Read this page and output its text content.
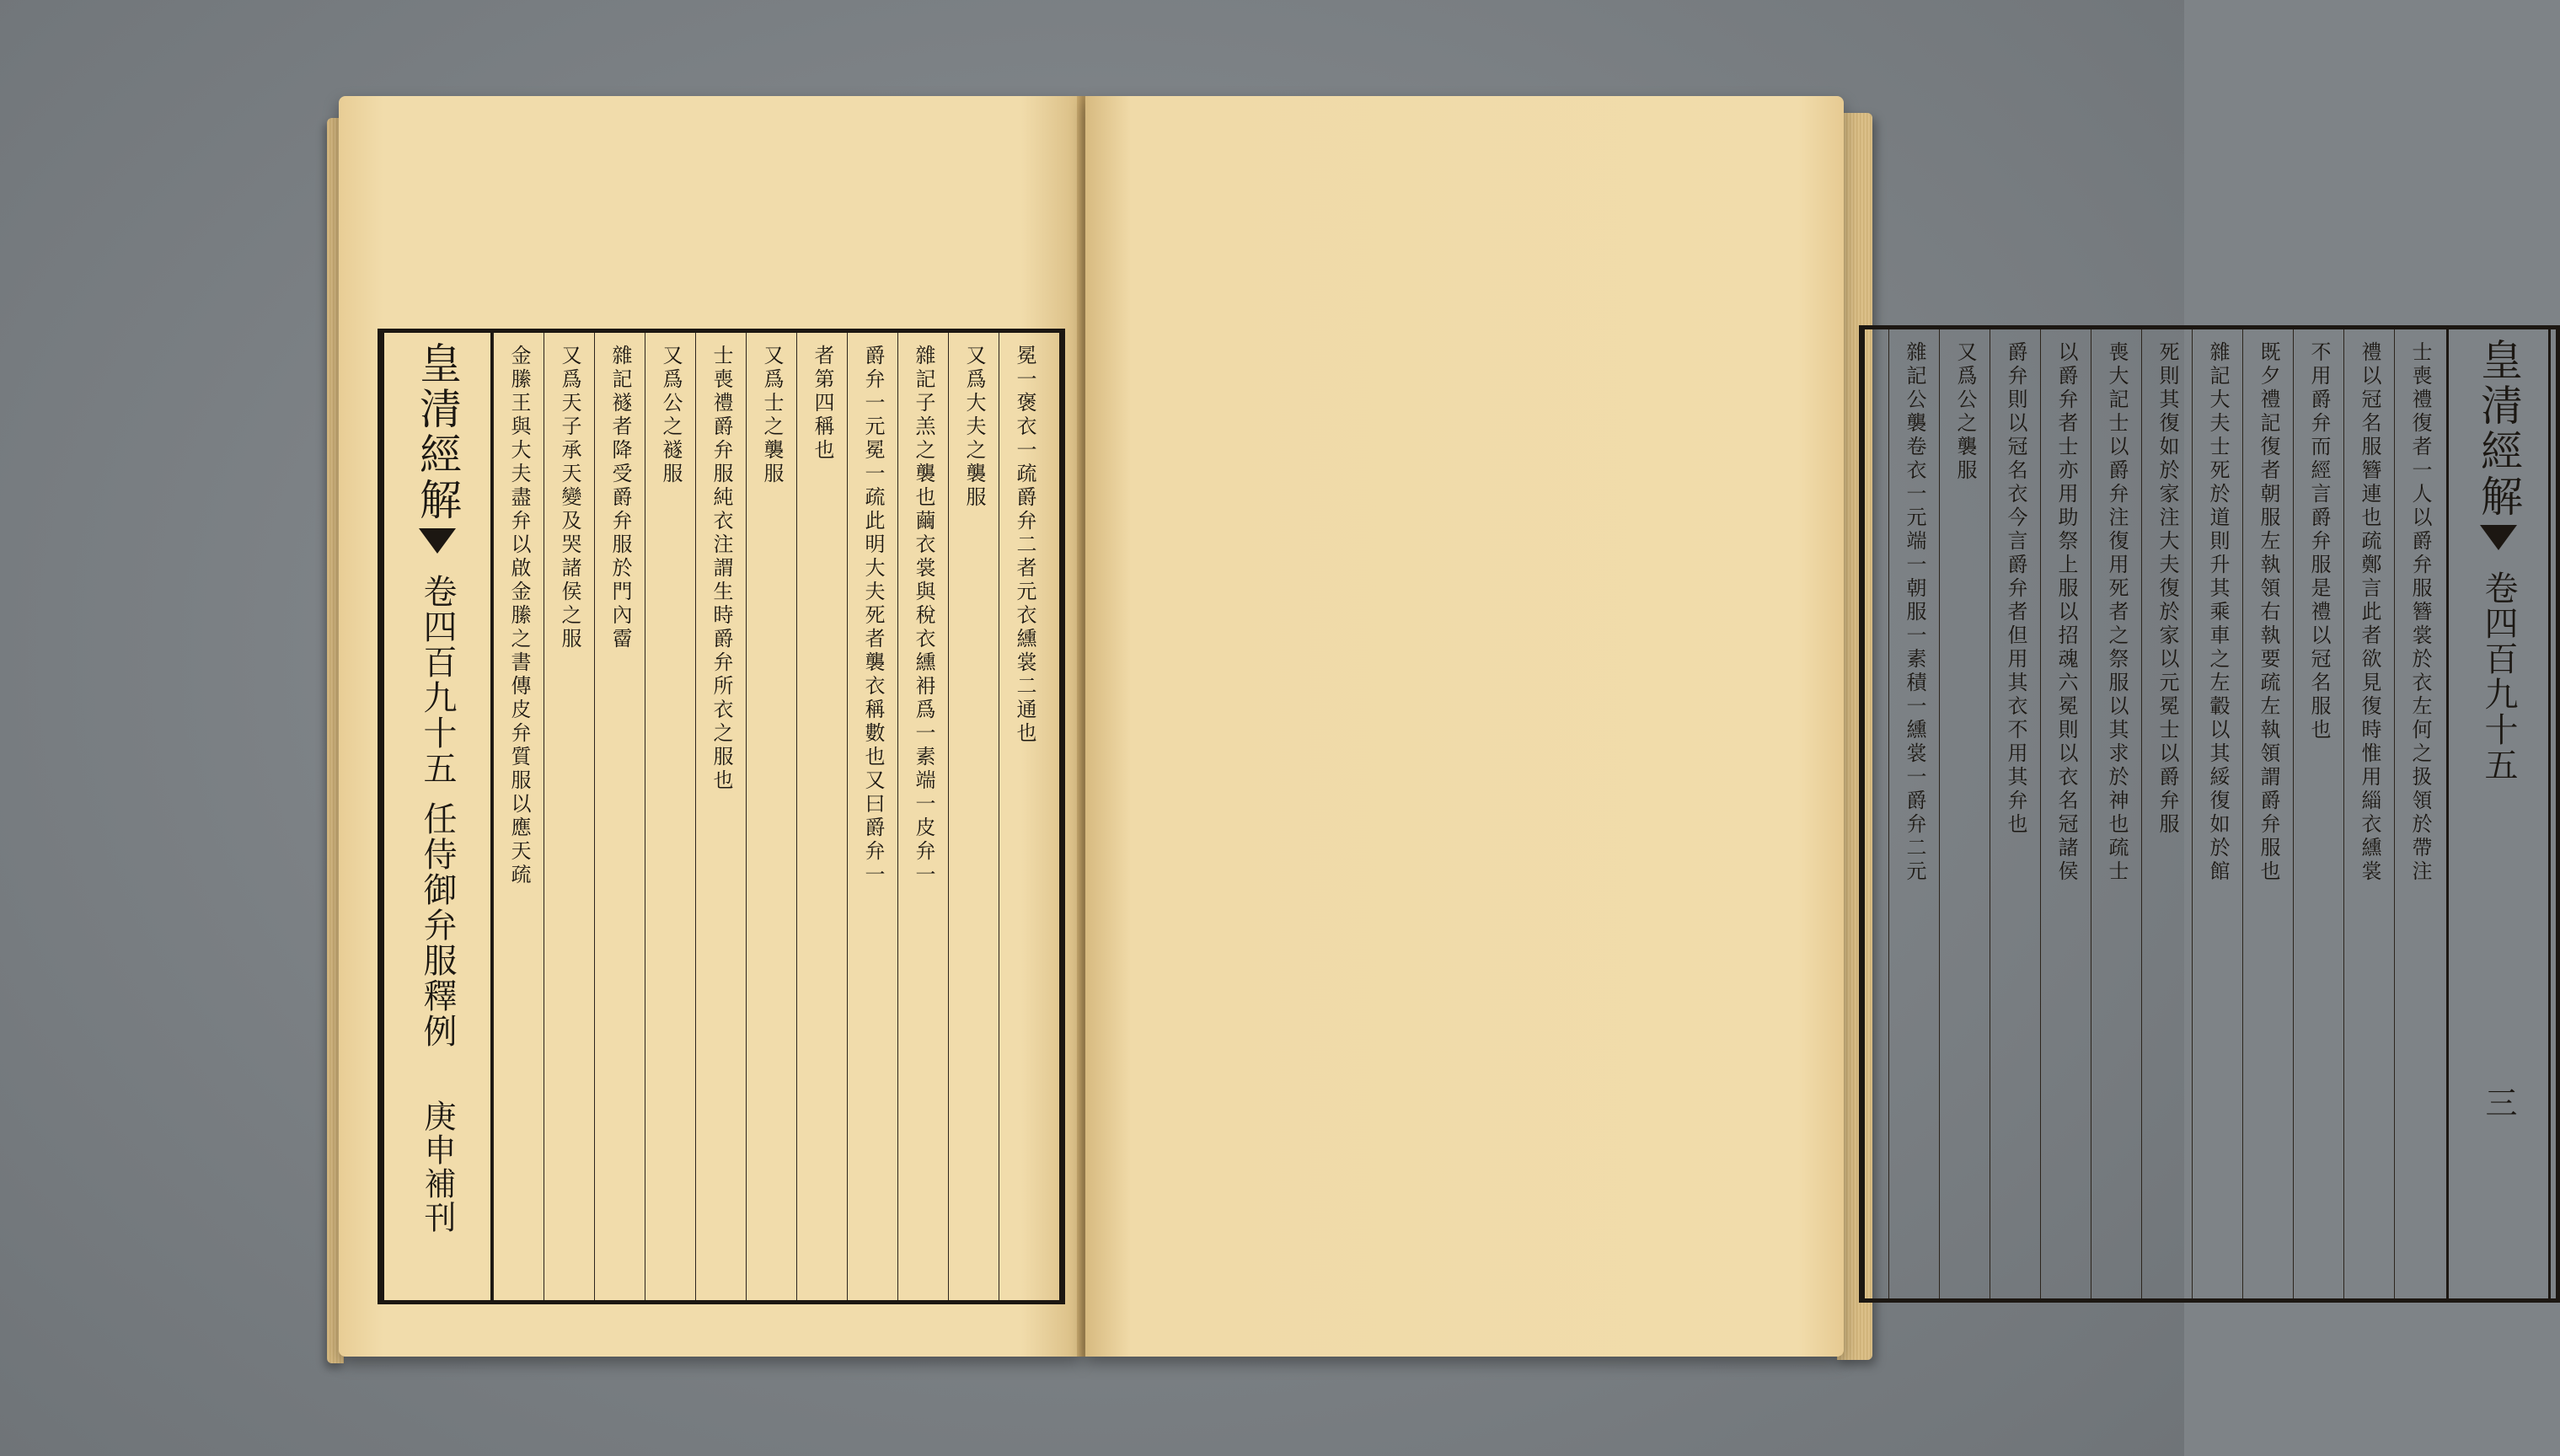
冕一褒衣一疏爵弁二者元衣纁裳二通也
又爲大夫之襲服
雜記子羔之襲也繭衣裳與稅衣纁衻爲一素端一皮弁一
爵弁一元冕一疏此明大夫死者襲衣稱數也又曰爵弁一
者第四稱也
又爲士之襲服
士喪禮爵弁服純衣注謂生時爵弁所衣之服也
又爲公之襚服
雜記襚者降受爵弁服於門內霤
又爲天子承天變及哭諸侯之服
金縢王與大夫盡弁以啟金縢之書傳皮弁質服以應天疏
皇清經解
卷四百九十五
任侍御弁服釋例
庚申補刊
皇清經解
卷四百九十五
三
士喪禮復者一人以爵弁服簪裳於衣左何之扱領於帶注
禮以冠名服簪連也疏鄭言此者欲見復時惟用緇衣纁裳
不用爵弁而經言爵弁服是禮以冠名服也
既夕禮記復者朝服左執領右執要疏左執領謂爵弁服也
雜記大夫士死於道則升其乘車之左轂以其綏復如於館
死則其復如於家注大夫復於家以元冕士以爵弁服
喪大記士以爵弁注復用死者之祭服以其求於神也疏士
以爵弁者士亦用助祭上服以招魂六冕則以衣名冠諸侯
爵弁則以冠名衣今言爵弁者但用其衣不用其弁也
又爲公之襲服
雜記公襲卷衣一元端一朝服一素積一纁裳一爵弁二元
